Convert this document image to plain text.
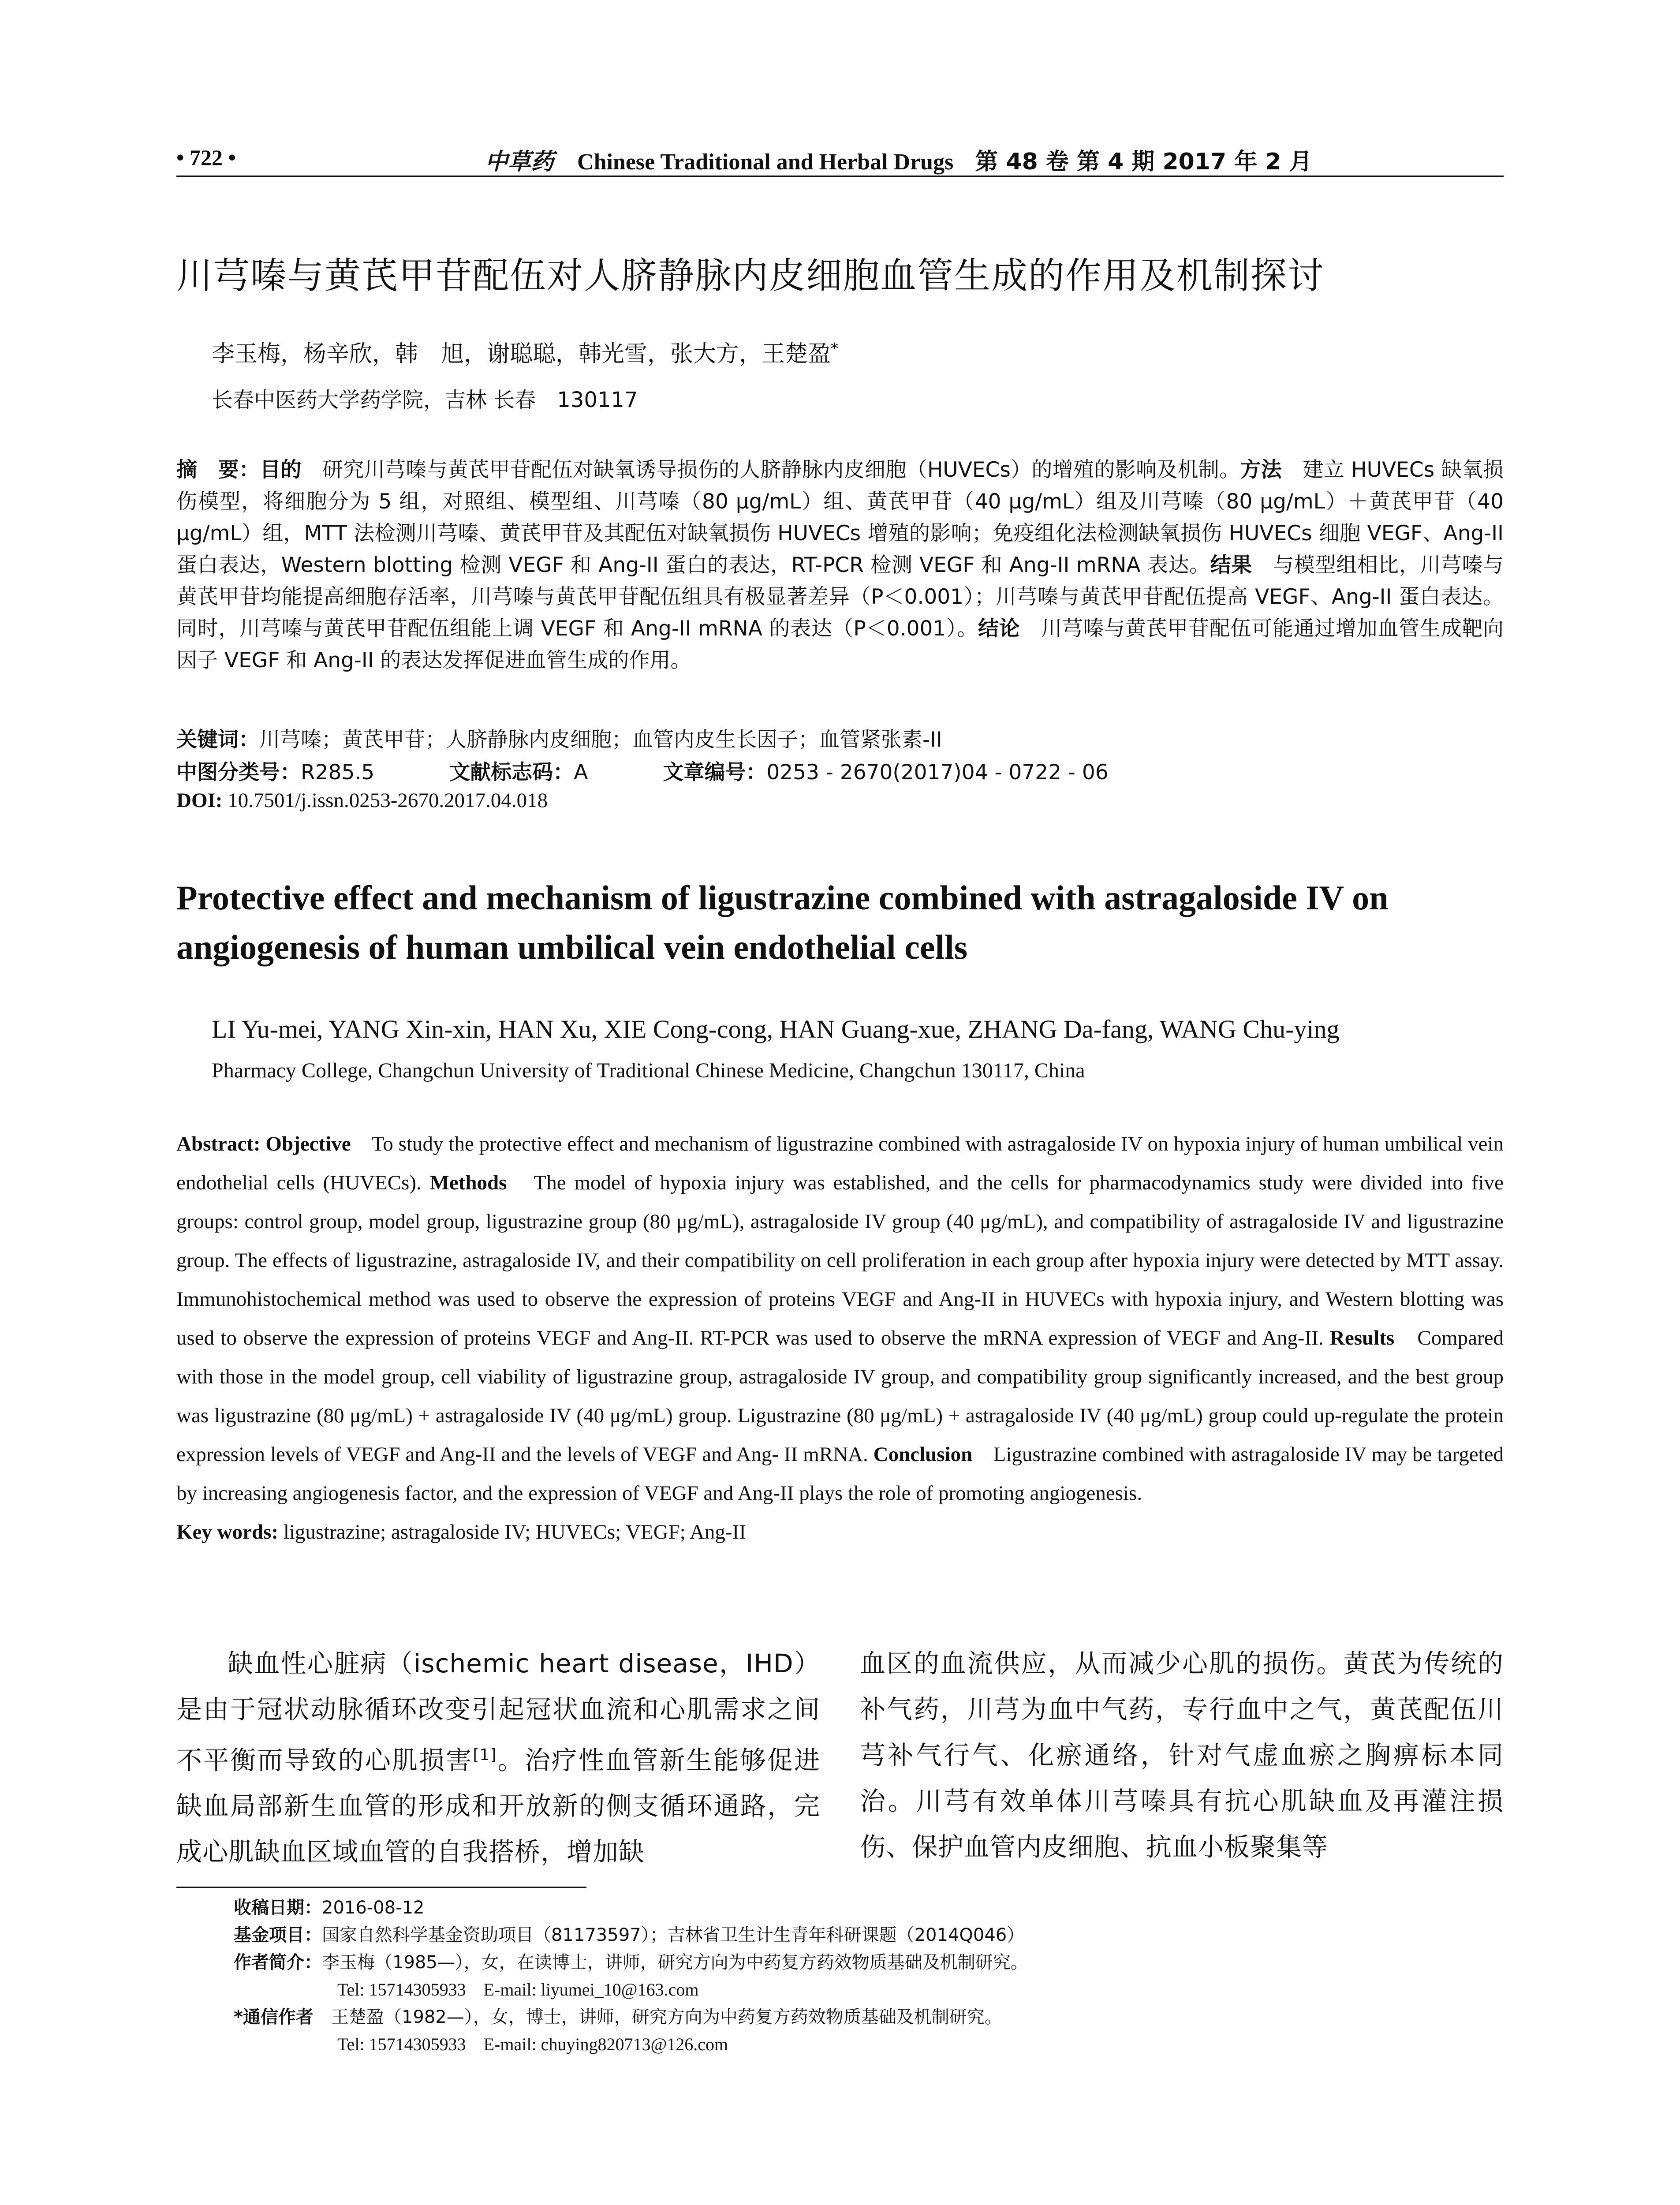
• 722 •	中草药 Chinese Traditional and Herbal Drugs 第 48 卷 第 4 期 2017 年 2 月
川芎嗪与黄芪甲苷配伍对人脐静脉内皮细胞血管生成的作用及机制探讨
李玉梅，杨辛欣，韩　旭，谢聪聪，韩光雪，张大方，王楚盈*
长春中医药大学药学院，吉林 长春　130117
摘　要：目的　研究川芎嗪与黄芪甲苷配伍对缺氧诱导损伤的人脐静脉内皮细胞（HUVECs）的增殖的影响及机制。方法　建立 HUVECs 缺氧损伤模型，将细胞分为 5 组，对照组、模型组、川芎嗪（80 μg/mL）组、黄芪甲苷（40 μg/mL）组及川芎嗪（80 μg/mL）＋黄芪甲苷（40 μg/mL）组，MTT 法检测川芎嗪、黄芪甲苷及其配伍对缺氧损伤 HUVECs 增殖的影响；免疫组化法检测缺氧损伤 HUVECs 细胞 VEGF、Ang-II 蛋白表达，Western blotting 检测 VEGF 和 Ang-II 蛋白的表达，RT-PCR 检测 VEGF 和 Ang-II mRNA 表达。结果　与模型组相比，川芎嗪与黄芪甲苷均能提高细胞存活率，川芎嗪与黄芪甲苷配伍组具有极显著差异（P＜0.001）；川芎嗪与黄芪甲苷配伍提高 VEGF、Ang-II 蛋白表达。同时，川芎嗪与黄芪甲苷配伍组能上调 VEGF 和 Ang-II mRNA 的表达（P＜0.001）。结论　川芎嗪与黄芪甲苷配伍可能通过增加血管生成靶向因子 VEGF 和 Ang-II 的表达发挥促进血管生成的作用。
关键词：川芎嗪；黄芪甲苷；人脐静脉内皮细胞；血管内皮生长因子；血管紧张素-II
中图分类号：R285.5	文献标志码：A	文章编号：0253 - 2670(2017)04 - 0722 - 06
DOI: 10.7501/j.issn.0253-2670.2017.04.018
Protective effect and mechanism of ligustrazine combined with astragaloside IV on angiogenesis of human umbilical vein endothelial cells
LI Yu-mei, YANG Xin-xin, HAN Xu, XIE Cong-cong, HAN Guang-xue, ZHANG Da-fang, WANG Chu-ying
Pharmacy College, Changchun University of Traditional Chinese Medicine, Changchun 130117, China
Abstract: Objective　To study the protective effect and mechanism of ligustrazine combined with astragaloside IV on hypoxia injury of human umbilical vein endothelial cells (HUVECs). Methods　The model of hypoxia injury was established, and the cells for pharmacodynamics study were divided into five groups: control group, model group, ligustrazine group (80 μg/mL), astragaloside IV group (40 μg/mL), and compatibility of astragaloside IV and ligustrazine group. The effects of ligustrazine, astragaloside IV, and their compatibility on cell proliferation in each group after hypoxia injury were detected by MTT assay. Immunohistochemical method was used to observe the expression of proteins VEGF and Ang-II in HUVECs with hypoxia injury, and Western blotting was used to observe the expression of proteins VEGF and Ang-II. RT-PCR was used to observe the mRNA expression of VEGF and Ang-II. Results　Compared with those in the model group, cell viability of ligustrazine group, astragaloside IV group, and compatibility group significantly increased, and the best group was ligustrazine (80 μg/mL) + astragaloside IV (40 μg/mL) group. Ligustrazine (80 μg/mL) + astragaloside IV (40 μg/mL) group could up-regulate the protein expression levels of VEGF and Ang-II and the levels of VEGF and Ang- II mRNA. Conclusion　Ligustrazine combined with astragaloside IV may be targeted by increasing angiogenesis factor, and the expression of VEGF and Ang-II plays the role of promoting angiogenesis.
Key words: ligustrazine; astragaloside IV; HUVECs; VEGF; Ang-II
缺血性心脏病（ischemic heart disease，IHD）是由于冠状动脉循环改变引起冠状血流和心肌需求之间不平衡而导致的心肌损害[1]。治疗性血管新生能够促进缺血局部新生血管的形成和开放新的侧支循环通路，完成心肌缺血区域血管的自我搭桥，增加缺
血区的血流供应，从而减少心肌的损伤。黄芪为传统的补气药，川芎为血中气药，专行血中之气，黄芪配伍川芎补气行气、化瘀通络，针对气虚血瘀之胸痹标本同治。川芎有效单体川芎嗪具有抗心肌缺血及再灌注损伤、保护血管内皮细胞、抗血小板聚集等
收稿日期：2016-08-12
基金项目：国家自然科学基金资助项目（81173597）；吉林省卫生计生青年科研课题（2014Q046）
作者简介：李玉梅（1985—），女，在读博士，讲师，研究方向为中药复方药效物质基础及机制研究。
Tel: 15714305933　E-mail: liyumei_10@163.com
*通信作者　王楚盈（1982—），女，博士，讲师，研究方向为中药复方药效物质基础及机制研究。
Tel: 15714305933　E-mail: chuying820713@126.com
